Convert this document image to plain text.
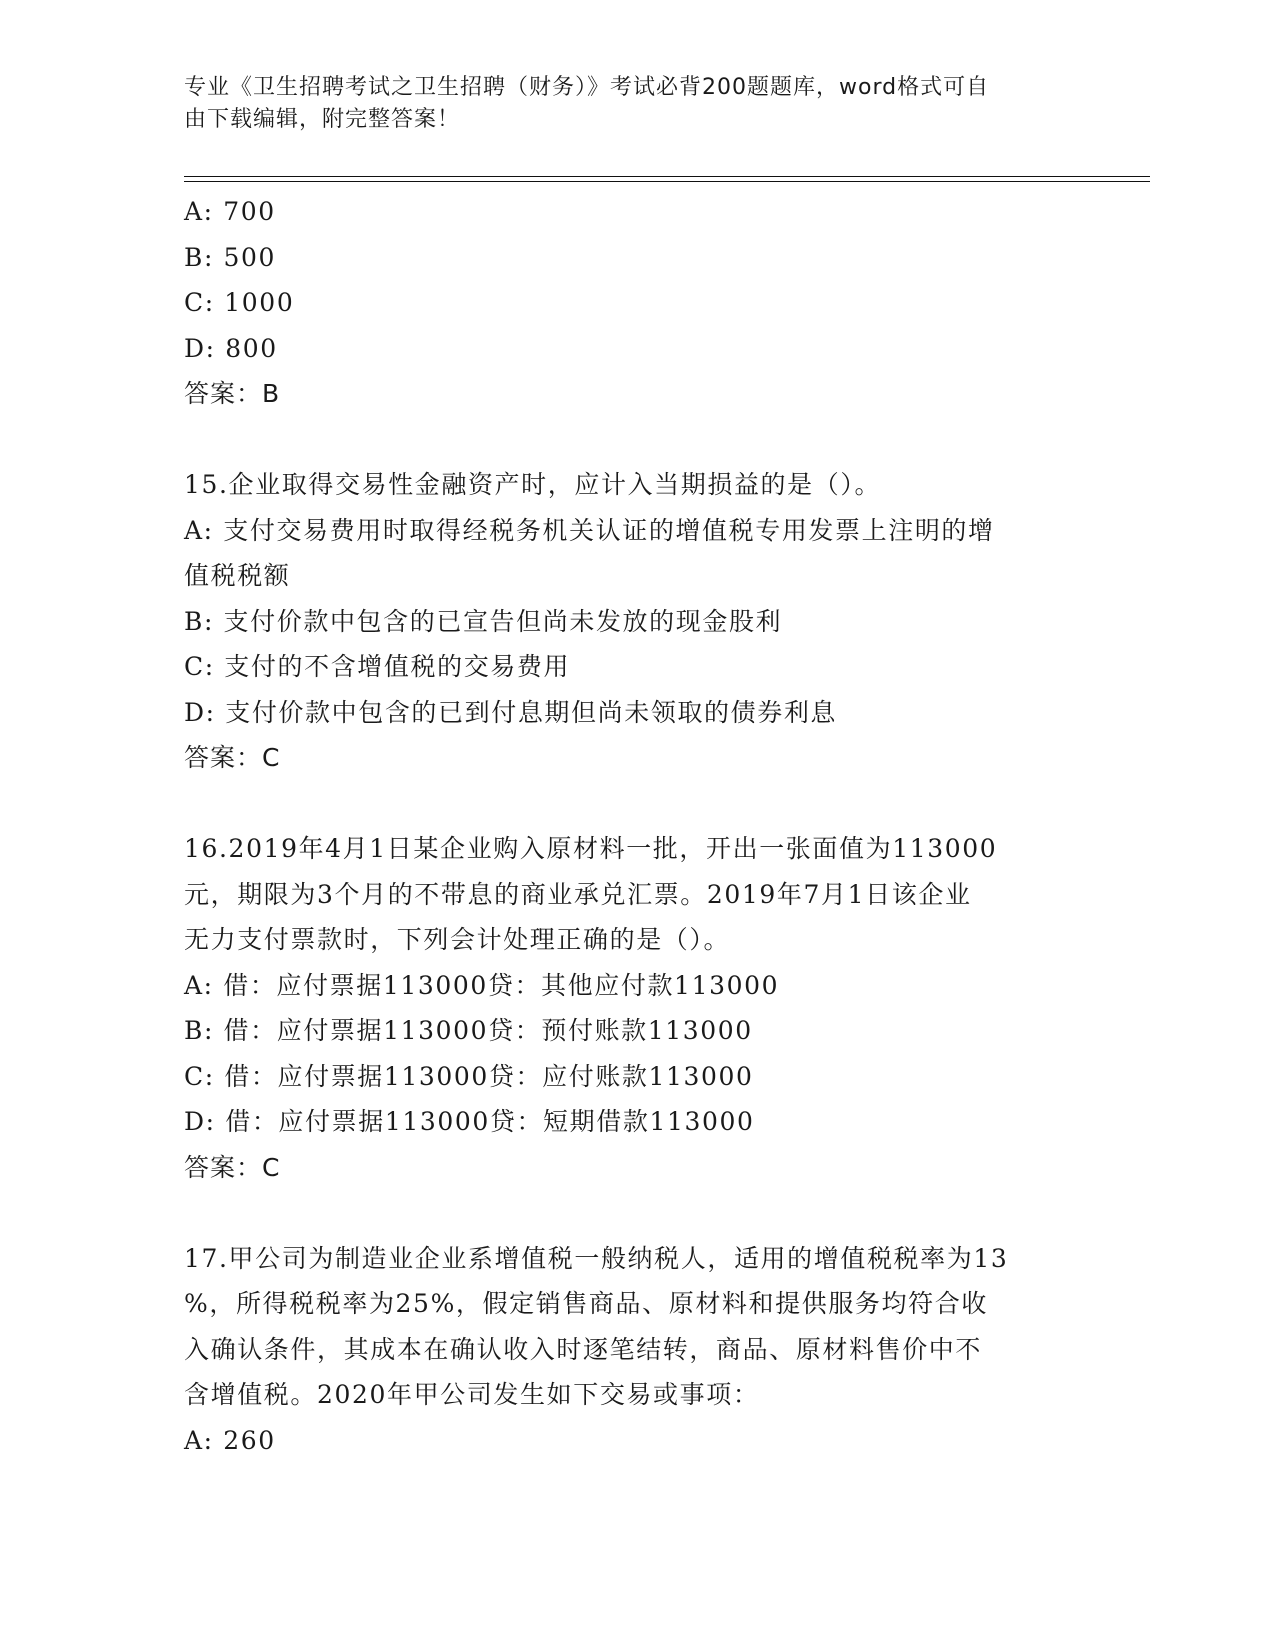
专业《卫生招聘考试之卫生招聘（财务）》考试必背200题题库，word格式可自
由下载编辑，附完整答案！
A: 700
B: 500
C: 1000
D: 800
答案：B
15.企业取得交易性金融资产时，应计入当期损益的是（）。
A: 支付交易费用时取得经税务机关认证的增值税专用发票上注明的增
值税税额
B: 支付价款中包含的已宣告但尚未发放的现金股利
C: 支付的不含增值税的交易费用
D: 支付价款中包含的已到付息期但尚未领取的债券利息
答案：C
16.2019年4月1日某企业购入原材料一批，开出一张面值为113000
元，期限为3个月的不带息的商业承兑汇票。2019年7月1日该企业
无力支付票款时，下列会计处理正确的是（）。
A: 借：应付票据113000贷：其他应付款113000
B: 借：应付票据113000贷：预付账款113000
C: 借：应付票据113000贷：应付账款113000
D: 借：应付票据113000贷：短期借款113000
答案：C
17.甲公司为制造业企业系增值税一般纳税人，适用的增值税税率为13
%，所得税税率为25%，假定销售商品、原材料和提供服务均符合收
入确认条件，其成本在确认收入时逐笔结转，商品、原材料售价中不
含增值税。2020年甲公司发生如下交易或事项：
A: 260
